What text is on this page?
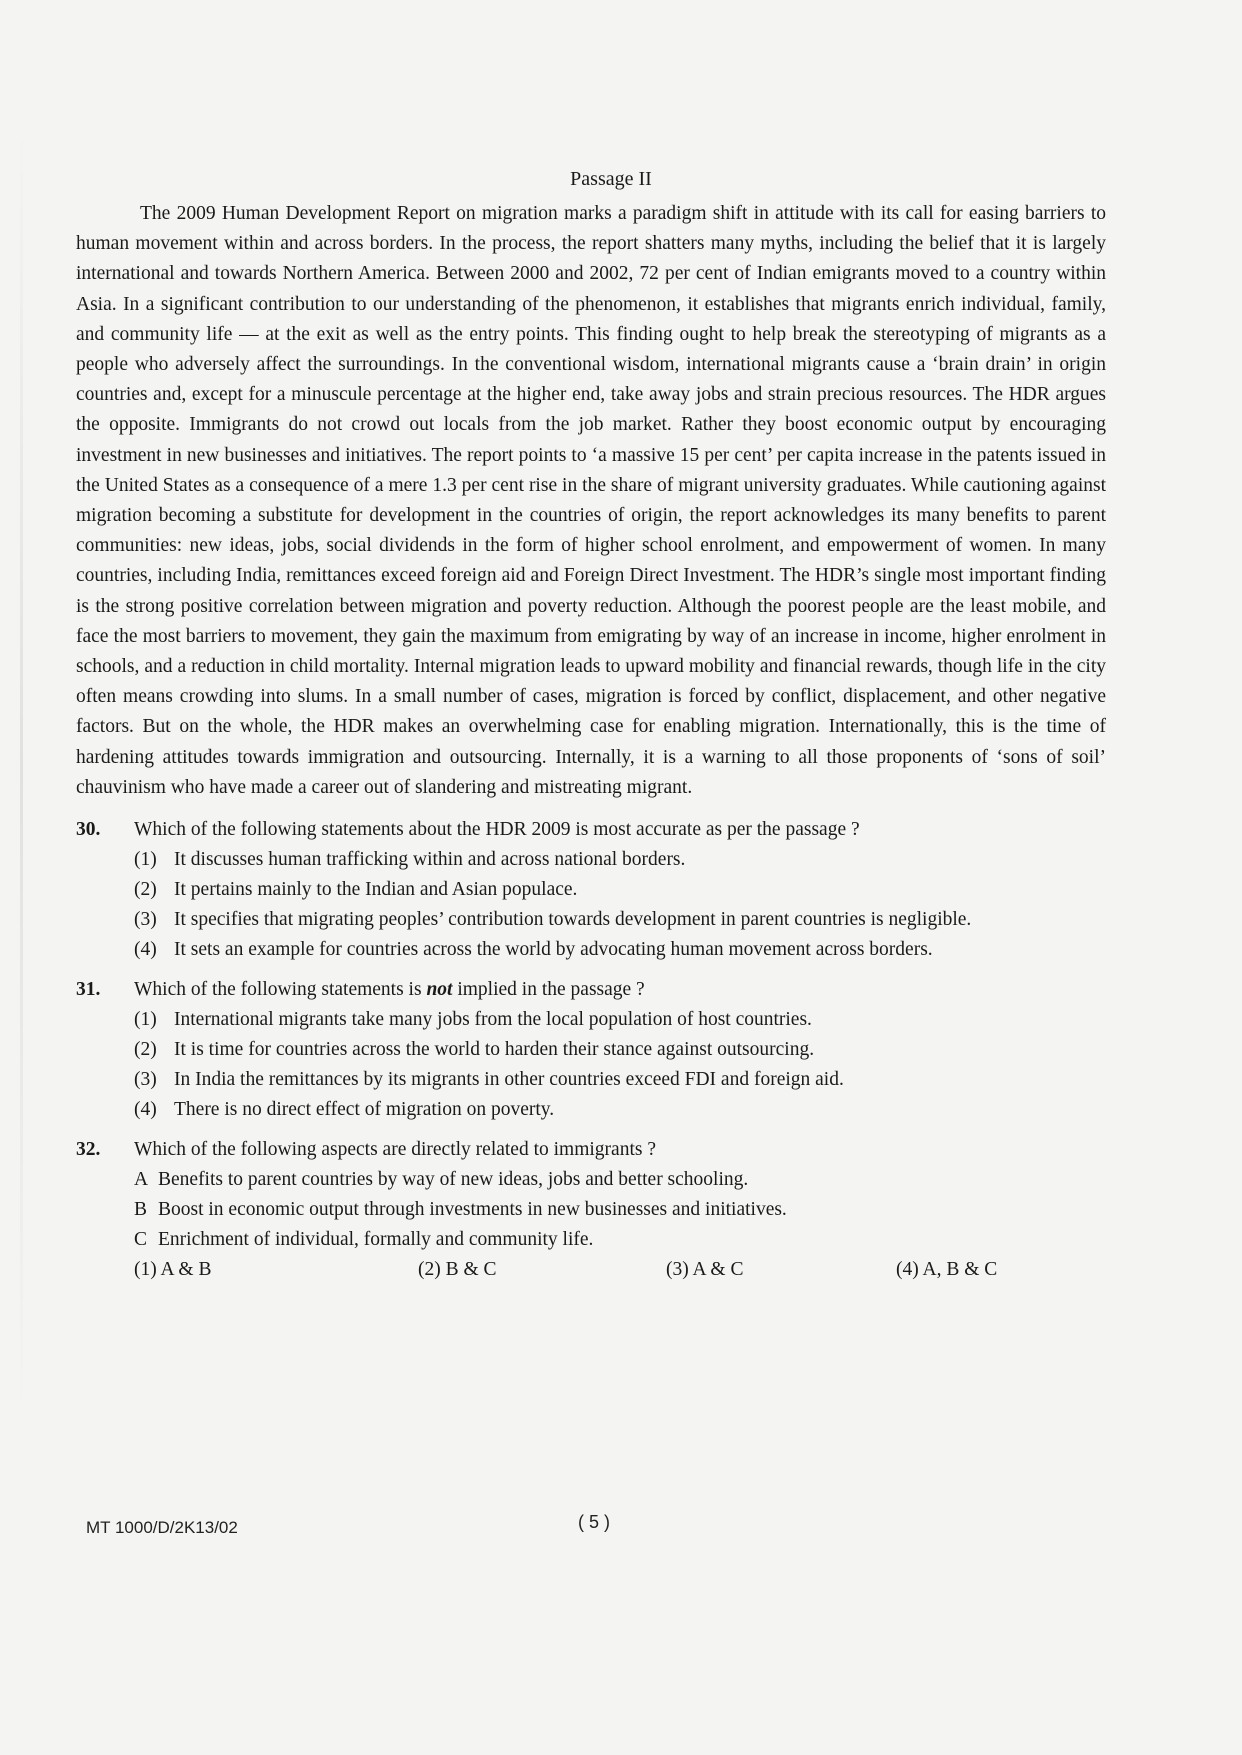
Passage II

The 2009 Human Development Report on migration marks a paradigm shift in attitude with its call for easing barriers to human movement within and across borders. In the process, the report shatters many myths, including the belief that it is largely international and towards Northern America. Between 2000 and 2002, 72 per cent of Indian emigrants moved to a country within Asia. In a significant contribution to our understanding of the phenomenon, it establishes that migrants enrich individual, family, and community life — at the exit as well as the entry points. This finding ought to help break the stereotyping of migrants as a people who adversely affect the surroundings. In the conventional wisdom, international migrants cause a ‘brain drain’ in origin countries and, except for a minuscule percentage at the higher end, take away jobs and strain precious resources. The HDR argues the opposite. Immigrants do not crowd out locals from the job market. Rather they boost economic output by encouraging investment in new businesses and initiatives. The report points to ‘a massive 15 per cent’ per capita increase in the patents issued in the United States as a consequence of a mere 1.3 per cent rise in the share of migrant university graduates. While cautioning against migration becoming a substitute for development in the countries of origin, the report acknowledges its many benefits to parent communities: new ideas, jobs, social dividends in the form of higher school enrolment, and empowerment of women. In many countries, including India, remittances exceed foreign aid and Foreign Direct Investment. The HDR’s single most important finding is the strong positive correlation between migration and poverty reduction. Although the poorest people are the least mobile, and face the most barriers to movement, they gain the maximum from emigrating by way of an increase in income, higher enrolment in schools, and a reduction in child mortality. Internal migration leads to upward mobility and financial rewards, though life in the city often means crowding into slums. In a small number of cases, migration is forced by conflict, displacement, and other negative factors. But on the whole, the HDR makes an overwhelming case for enabling migration. Internationally, this is the time of hardening attitudes towards immigration and outsourcing. Internally, it is a warning to all those proponents of ‘sons of soil’ chauvinism who have made a career out of slandering and mistreating migrant.

30. Which of the following statements about the HDR 2009 is most accurate as per the passage ?
(1) It discusses human trafficking within and across national borders.
(2) It pertains mainly to the Indian and Asian populace.
(3) It specifies that migrating peoples’ contribution towards development in parent countries is negligible.
(4) It sets an example for countries across the world by advocating human movement across borders.
31. Which of the following statements is not implied in the passage ?
(1) International migrants take many jobs from the local population of host countries.
(2) It is time for countries across the world to harden their stance against outsourcing.
(3) In India the remittances by its migrants in other countries exceed FDI and foreign aid.
(4) There is no direct effect of migration on poverty.
32. Which of the following aspects are directly related to immigrants ?
A Benefits to parent countries by way of new ideas, jobs and better schooling.
B Boost in economic output through investments in new businesses and initiatives.
C Enrichment of individual, formally and community life.
(1) A & B	(2) B & C	(3) A & C	(4) A, B & C
MT 1000/D/2K13/02	( 5 )
